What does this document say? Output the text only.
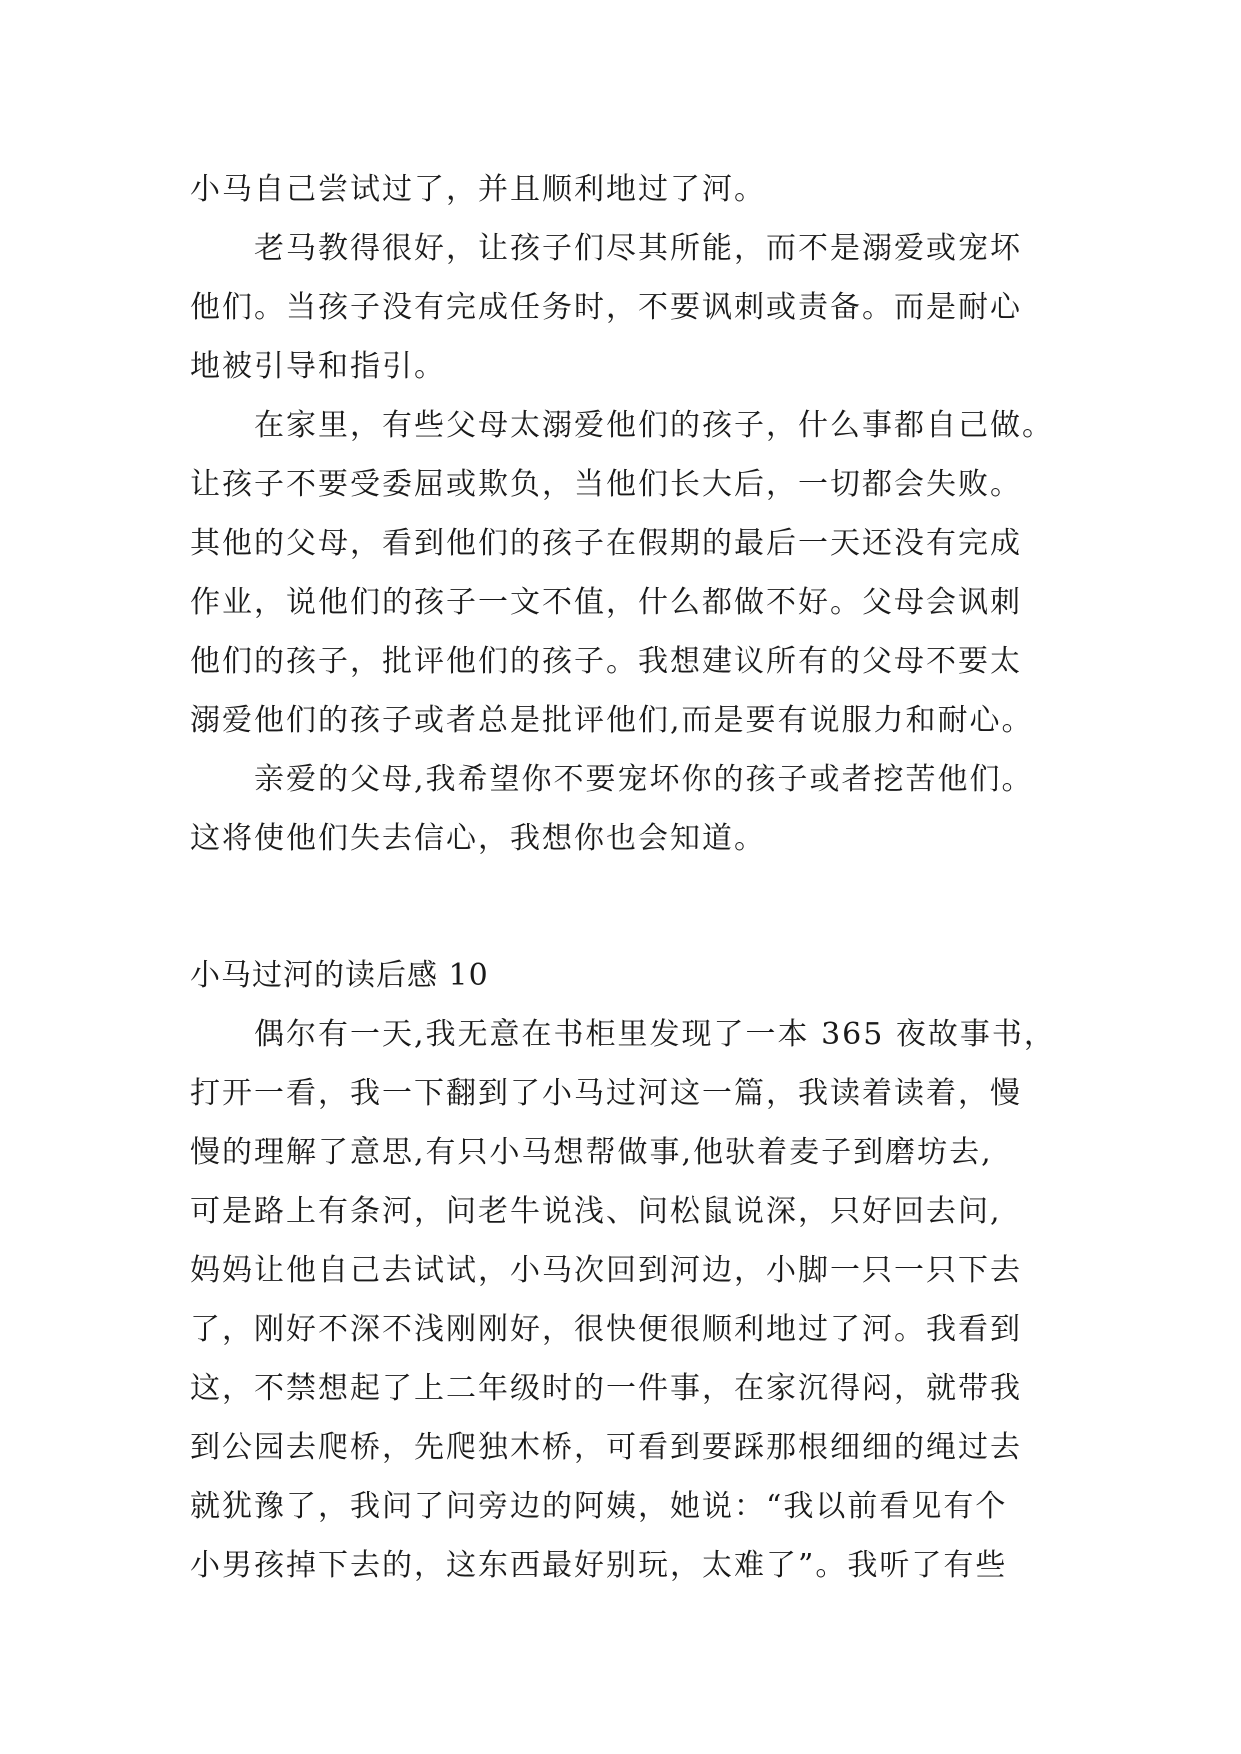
小马自己尝试过了，并且顺利地过了河。
老马教得很好，让孩子们尽其所能，而不是溺爱或宠坏
他们。当孩子没有完成任务时，不要讽刺或责备。而是耐心
地被引导和指引。
在家里，有些父母太溺爱他们的孩子，什么事都自己做。
让孩子不要受委屈或欺负，当他们长大后，一切都会失败。
其他的父母，看到他们的孩子在假期的最后一天还没有完成
作业，说他们的孩子一文不值，什么都做不好。父母会讽刺
他们的孩子，批评他们的孩子。我想建议所有的父母不要太
溺爱他们的孩子或者总是批评他们,而是要有说服力和耐心。
亲爱的父母,我希望你不要宠坏你的孩子或者挖苦他们。
这将使他们失去信心，我想你也会知道。
小马过河的读后感 10
偶尔有一天,我无意在书柜里发现了一本 365 夜故事书，
打开一看，我一下翻到了小马过河这一篇，我读着读着，慢
慢的理解了意思,有只小马想帮做事,他驮着麦子到磨坊去,
可是路上有条河，问老牛说浅、问松鼠说深，只好回去问,
妈妈让他自己去试试，小马次回到河边，小脚一只一只下去
了，刚好不深不浅刚刚好，很快便很顺利地过了河。我看到
这，不禁想起了上二年级时的一件事，在家沉得闷，就带我
到公园去爬桥，先爬独木桥，可看到要踩那根细细的绳过去
就犹豫了，我问了问旁边的阿姨，她说：“我以前看见有个
小男孩掉下去的，这东西最好别玩，太难了”。我听了有些
